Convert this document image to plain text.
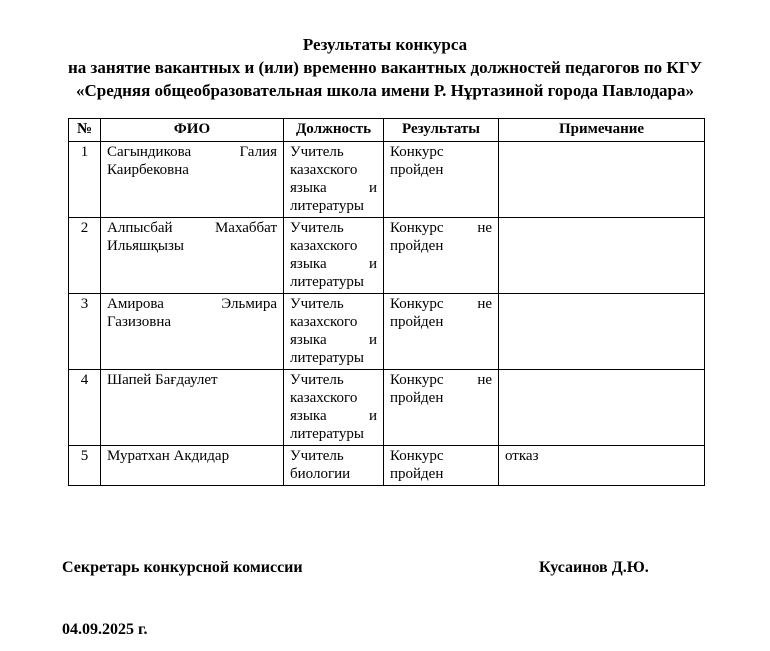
Результаты конкурса
на занятие вакантных и (или) временно вакантных должностей педагогов по КГУ
«Средняя общеобразовательная школа имени Р. Нұртазиной города Павлодара»
№	ФИО	Должность	Результаты	Примечание
1	Сагындикова Галия Каирбековна	Учитель казахского языка и литературы	Конкурс пройден	
2	Алпысбай Махаббат Ильяшқызы	Учитель казахского языка и литературы	Конкурс не пройден	
3	Амирова Эльмира Газизовна	Учитель казахского языка и литературы	Конкурс не пройден	
4	Шапей Бағдаулет	Учитель казахского языка и литературы	Конкурс не пройден	
5	Муратхан Акдидар	Учитель биологии	Конкурс пройден	отказ
Секретарь конкурсной комиссии	Кусаинов Д.Ю.
04.09.2025 г.
